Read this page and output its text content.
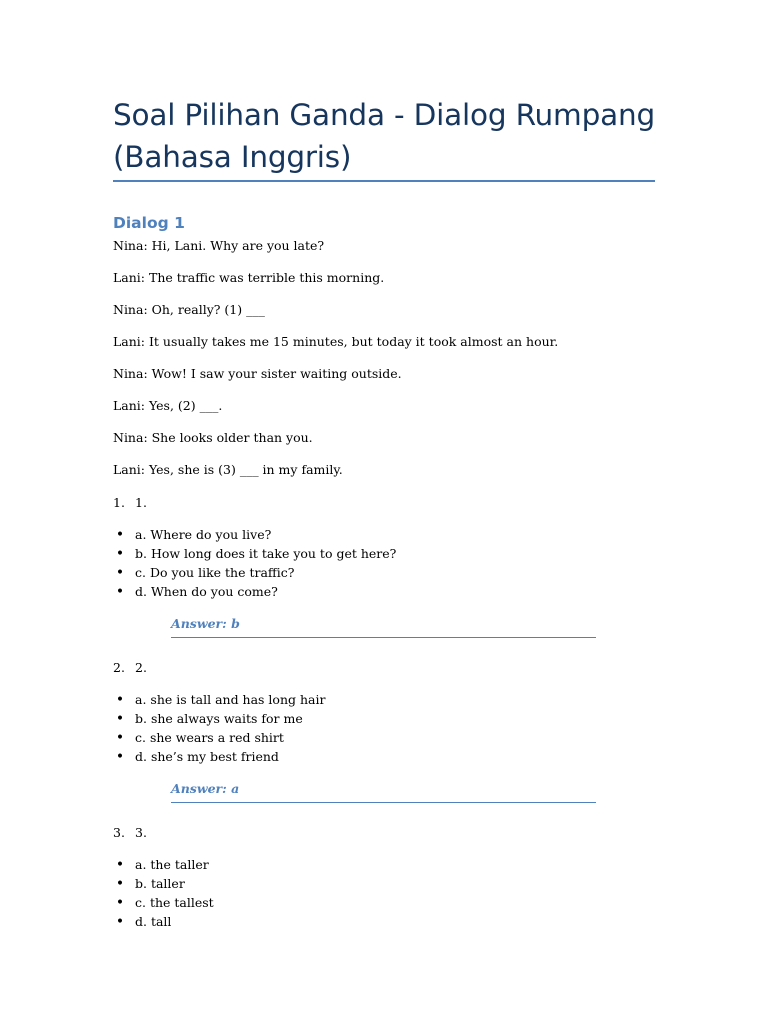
Soal Pilihan Ganda - Dialog Rumpang (Bahasa Inggris)
Dialog 1
Nina: Hi, Lani. Why are you late?
Lani: The traffic was terrible this morning.
Nina: Oh, really? (1) ___
Lani: It usually takes me 15 minutes, but today it took almost an hour.
Nina: Wow! I saw your sister waiting outside.
Lani: Yes, (2) ___.
Nina: She looks older than you.
Lani: Yes, she is (3) ___ in my family.
1. 1.
• a. Where do you live?
• b. How long does it take you to get here?
• c. Do you like the traffic?
• d. When do you come?
Answer: b
2. 2.
• a. she is tall and has long hair
• b. she always waits for me
• c. she wears a red shirt
• d. she’s my best friend
Answer: a
3. 3.
• a. the taller
• b. taller
• c. the tallest
• d. tall
